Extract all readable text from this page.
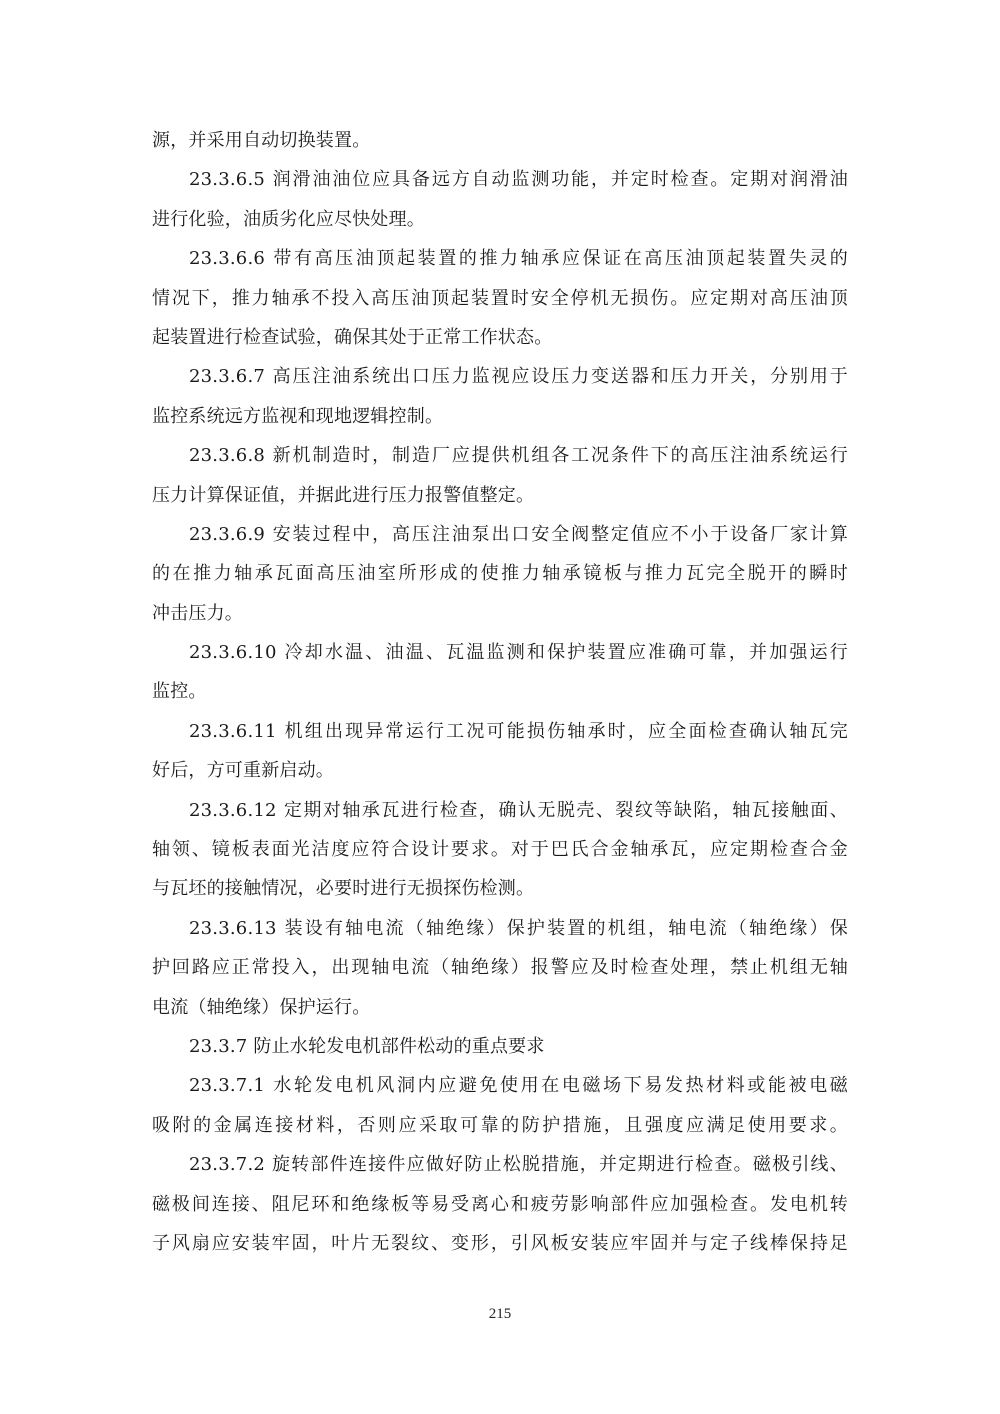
源，并采用自动切换装置。
23.3.6.5 润滑油油位应具备远方自动监测功能，并定时检查。定期对润滑油
进行化验，油质劣化应尽快处理。
23.3.6.6 带有高压油顶起装置的推力轴承应保证在高压油顶起装置失灵的
情况下，推力轴承不投入高压油顶起装置时安全停机无损伤。应定期对高压油顶
起装置进行检查试验，确保其处于正常工作状态。
23.3.6.7 高压注油系统出口压力监视应设压力变送器和压力开关，分别用于
监控系统远方监视和现地逻辑控制。
23.3.6.8 新机制造时，制造厂应提供机组各工况条件下的高压注油系统运行
压力计算保证值，并据此进行压力报警值整定。
23.3.6.9 安装过程中，高压注油泵出口安全阀整定值应不小于设备厂家计算
的在推力轴承瓦面高压油室所形成的使推力轴承镜板与推力瓦完全脱开的瞬时
冲击压力。
23.3.6.10 冷却水温、油温、瓦温监测和保护装置应准确可靠，并加强运行
监控。
23.3.6.11 机组出现异常运行工况可能损伤轴承时，应全面检查确认轴瓦完
好后，方可重新启动。
23.3.6.12 定期对轴承瓦进行检查，确认无脱壳、裂纹等缺陷，轴瓦接触面、
轴领、镜板表面光洁度应符合设计要求。对于巴氏合金轴承瓦，应定期检查合金
与瓦坯的接触情况，必要时进行无损探伤检测。
23.3.6.13 装设有轴电流（轴绝缘）保护装置的机组，轴电流（轴绝缘）保
护回路应正常投入，出现轴电流（轴绝缘）报警应及时检查处理，禁止机组无轴
电流（轴绝缘）保护运行。
23.3.7 防止水轮发电机部件松动的重点要求
23.3.7.1 水轮发电机风洞内应避免使用在电磁场下易发热材料或能被电磁
吸附的金属连接材料，否则应采取可靠的防护措施，且强度应满足使用要求。
23.3.7.2 旋转部件连接件应做好防止松脱措施，并定期进行检查。磁极引线、
磁极间连接、阻尼环和绝缘板等易受离心和疲劳影响部件应加强检查。发电机转
子风扇应安装牢固，叶片无裂纹、变形，引风板安装应牢固并与定子线棒保持足
215
